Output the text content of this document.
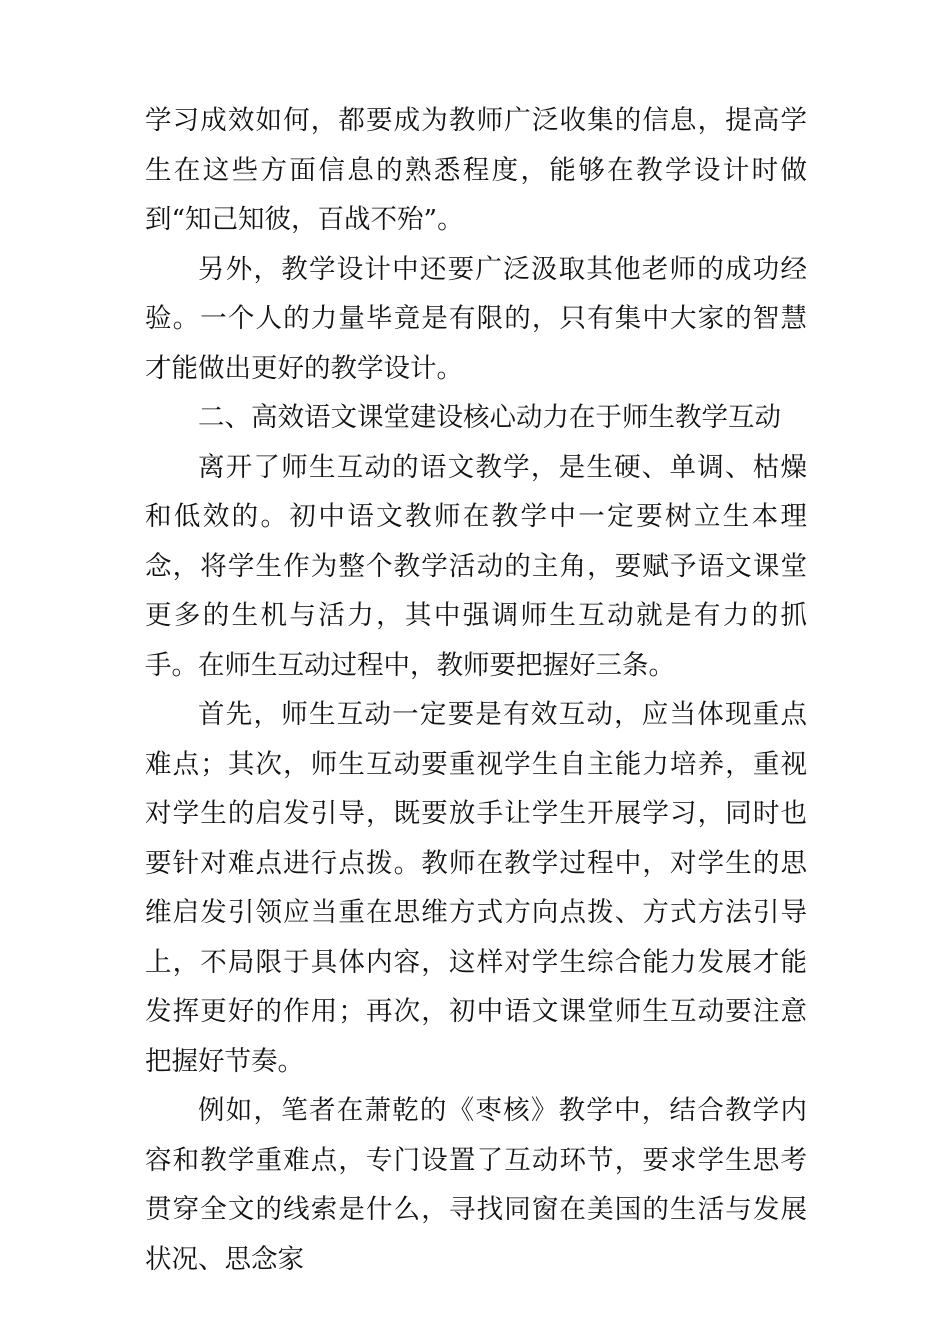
学习成效如何，都要成为教师广泛收集的信息，提高学生在这些方面信息的熟悉程度，能够在教学设计时做到“知己知彼，百战不殆”。

另外，教学设计中还要广泛汲取其他老师的成功经验。一个人的力量毕竟是有限的，只有集中大家的智慧才能做出更好的教学设计。

二、高效语文课堂建设核心动力在于师生教学互动

离开了师生互动的语文教学，是生硬、单调、枯燥和低效的。初中语文教师在教学中一定要树立生本理念，将学生作为整个教学活动的主角，要赋予语文课堂更多的生机与活力，其中强调师生互动就是有力的抓手。在师生互动过程中，教师要把握好三条。

首先，师生互动一定要是有效互动，应当体现重点难点；其次，师生互动要重视学生自主能力培养，重视对学生的启发引导，既要放手让学生开展学习，同时也要针对难点进行点拨。教师在教学过程中，对学生的思维启发引领应当重在思维方式方向点拨、方式方法引导上，不局限于具体内容，这样对学生综合能力发展才能发挥更好的作用；再次，初中语文课堂师生互动要注意把握好节奏。

例如，笔者在萧乾的《枣核》教学中，结合教学内容和教学重难点，专门设置了互动环节，要求学生思考贯穿全文的线索是什么，寻找同窗在美国的生活与发展状况、思念家
